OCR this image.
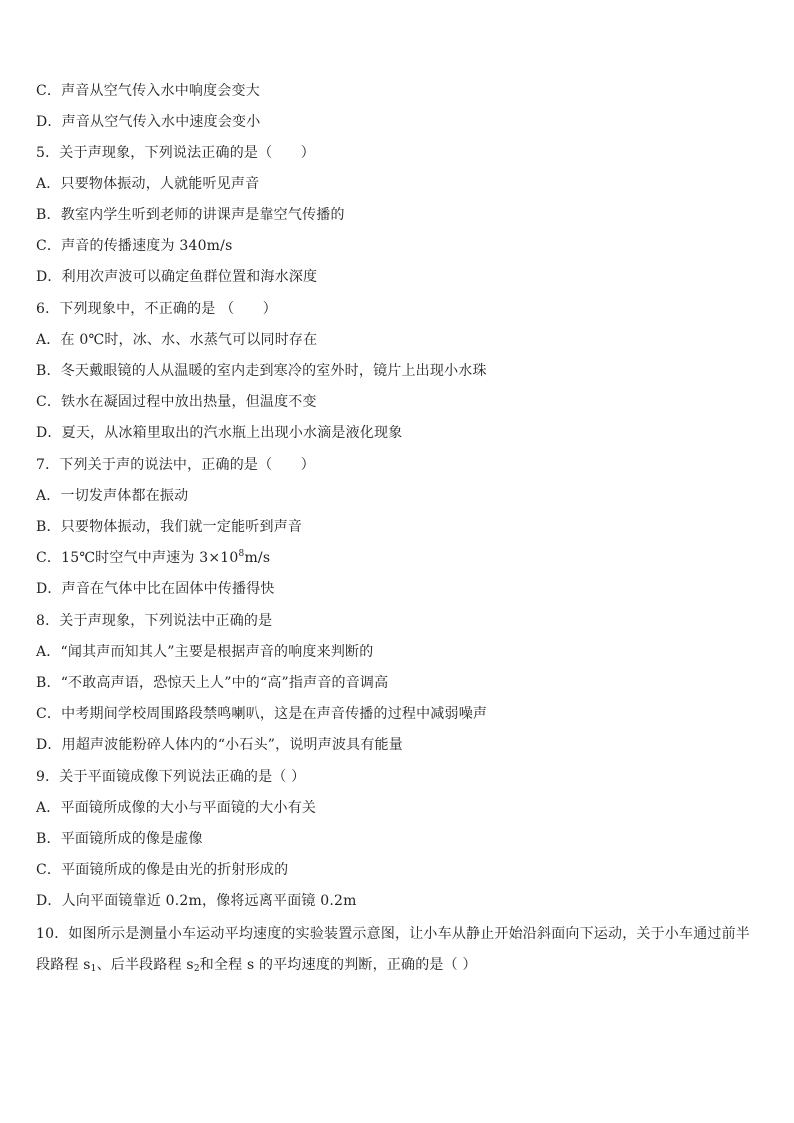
C．声音从空气传入水中响度会变大
D．声音从空气传入水中速度会变小
5．关于声现象，下列说法正确的是（　　）
A．只要物体振动，人就能听见声音
B．教室内学生听到老师的讲课声是靠空气传播的
C．声音的传播速度为 340m/s
D．利用次声波可以确定鱼群位置和海水深度
6．下列现象中，不正确的是 （　　）
A．在 0℃时，冰、水、水蒸气可以同时存在
B．冬天戴眼镜的人从温暖的室内走到寒冷的室外时，镜片上出现小水珠
C．铁水在凝固过程中放出热量，但温度不变
D．夏天，从冰箱里取出的汽水瓶上出现小水滴是液化现象
7．下列关于声的说法中，正确的是（　　）
A．一切发声体都在振动
B．只要物体振动，我们就一定能听到声音
C．15℃时空气中声速为 $3\times 10^8m/s$
D．声音在气体中比在固体中传播得快
8．关于声现象，下列说法中正确的是
A．“闻其声而知其人”主要是根据声音的响度来判断的
B．“不敢高声语，恐惊天上人”中的“高”指声音的音调高
C．中考期间学校周围路段禁鸣喇叭，这是在声音传播的过程中减弱噪声
D．用超声波能粉碎人体内的“小石头”，说明声波具有能量
9．关于平面镜成像下列说法正确的是（ ）
A．平面镜所成像的大小与平面镜的大小有关
B．平面镜所成的像是虚像
C．平面镜所成的像是由光的折射形成的
D．人向平面镜靠近 0.2m，像将远离平面镜 0.2m
10．如图所示是测量小车运动平均速度的实验装置示意图，让小车从静止开始沿斜面向下运动，关于小车通过前半段路程 $s_1$、后半段路程 $s_2$和全程 s 的平均速度的判断，正确的是（ ）
